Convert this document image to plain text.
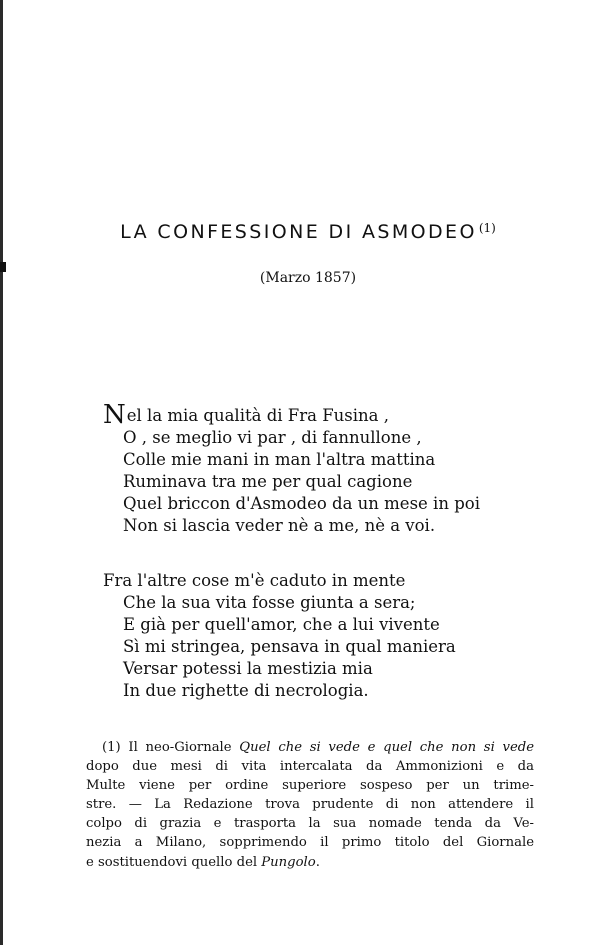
LA CONFESSIONE DI ASMODEO $^{(1)}$
(Marzo 1857)
Nel la mia qualità di Fra Fusina ,
O , se meglio vi par , di fannullone ,
Colle mie mani in man l'altra mattina
Ruminava tra me per qual cagione
Quel briccon d'Asmodeo da un mese in poi
Non si lascia veder nè a me, nè a voi.
Fra l'altre cose m'è caduto in mente
Che la sua vita fosse giunta a sera;
E già per quell'amor, che a lui vivente
Sì mi stringea, pensava in qual maniera
Versar potessi la mestizia mia
In due righette di necrologia.
(1) Il neo-Giornale Quel che si vede e quel che non si vede
dopo due mesi di vita intercalata da Ammonizioni e da
Multe viene per ordine superiore sospeso per un trime-
stre. — La Redazione trova prudente di non attendere il
colpo di grazia e trasporta la sua nomade tenda da Ve-
nezia a Milano, sopprimendo il primo titolo del Giornale
e sostituendovi quello del Pungolo.
